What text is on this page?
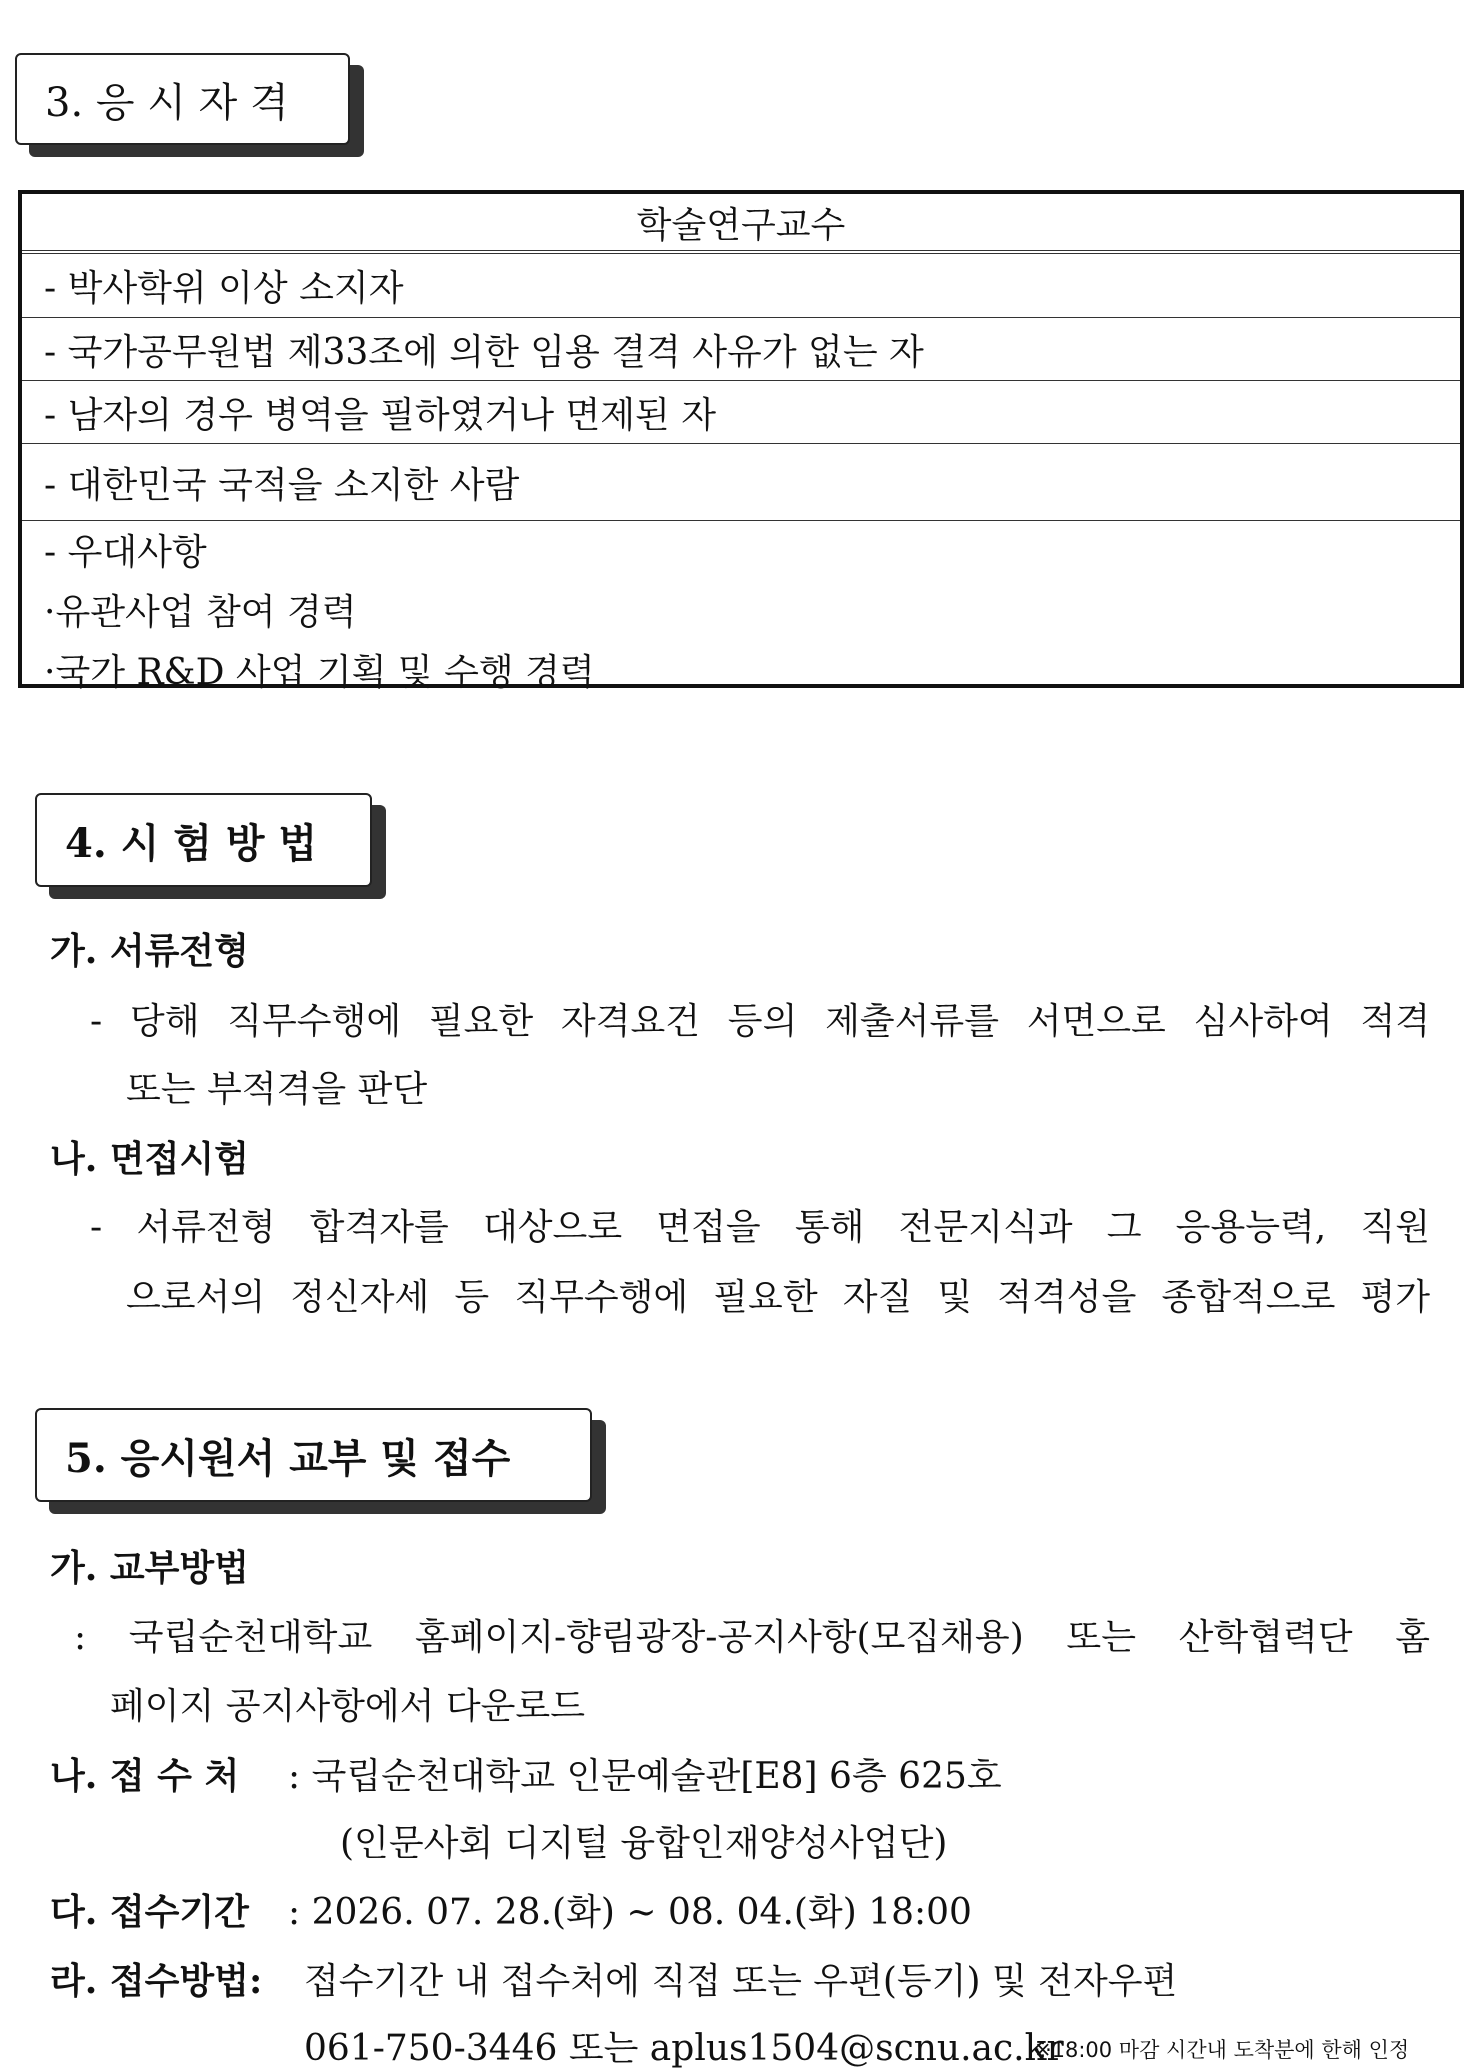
3. 응 시 자 격
학술연구교수
- 박사학위 이상 소지자
- 국가공무원법 제33조에 의한 임용 결격 사유가 없는 자
- 남자의 경우 병역을 필하였거나 면제된 자
- 대한민국 국적을 소지한 사람
- 우대사항
·유관사업 참여 경력
·국가 R&D 사업 기획 및 수행 경력
4. 시 험 방 법
가. 서류전형
- 당해 직무수행에 필요한 자격요건 등의 제출서류를 서면으로 심사하여 적격
또는 부적격을 판단
나. 면접시험
- 서류전형 합격자를 대상으로 면접을 통해 전문지식과 그 응용능력, 직원
으로서의 정신자세 등 직무수행에 필요한 자질 및 적격성을 종합적으로 평가
5. 응시원서 교부 및 접수
가. 교부방법
: 국립순천대학교 홈페이지-향림광장-공지사항(모집채용) 또는 산학협력단 홈
페이지 공지사항에서 다운로드
나. 접 수 처 : 국립순천대학교 인문예술관[E8] 6층 625호
(인문사회 디지털 융합인재양성사업단)
다. 접수기간 : 2026. 07. 28.(화) ~ 08. 04.(화) 18:00
라. 접수방법: 접수기간 내 접수처에 직접 또는 우편(등기) 및 전자우편
061-750-3446 또는 aplus1504@scnu.ac.kr
※18:00 마감 시간내 도착분에 한해 인정
